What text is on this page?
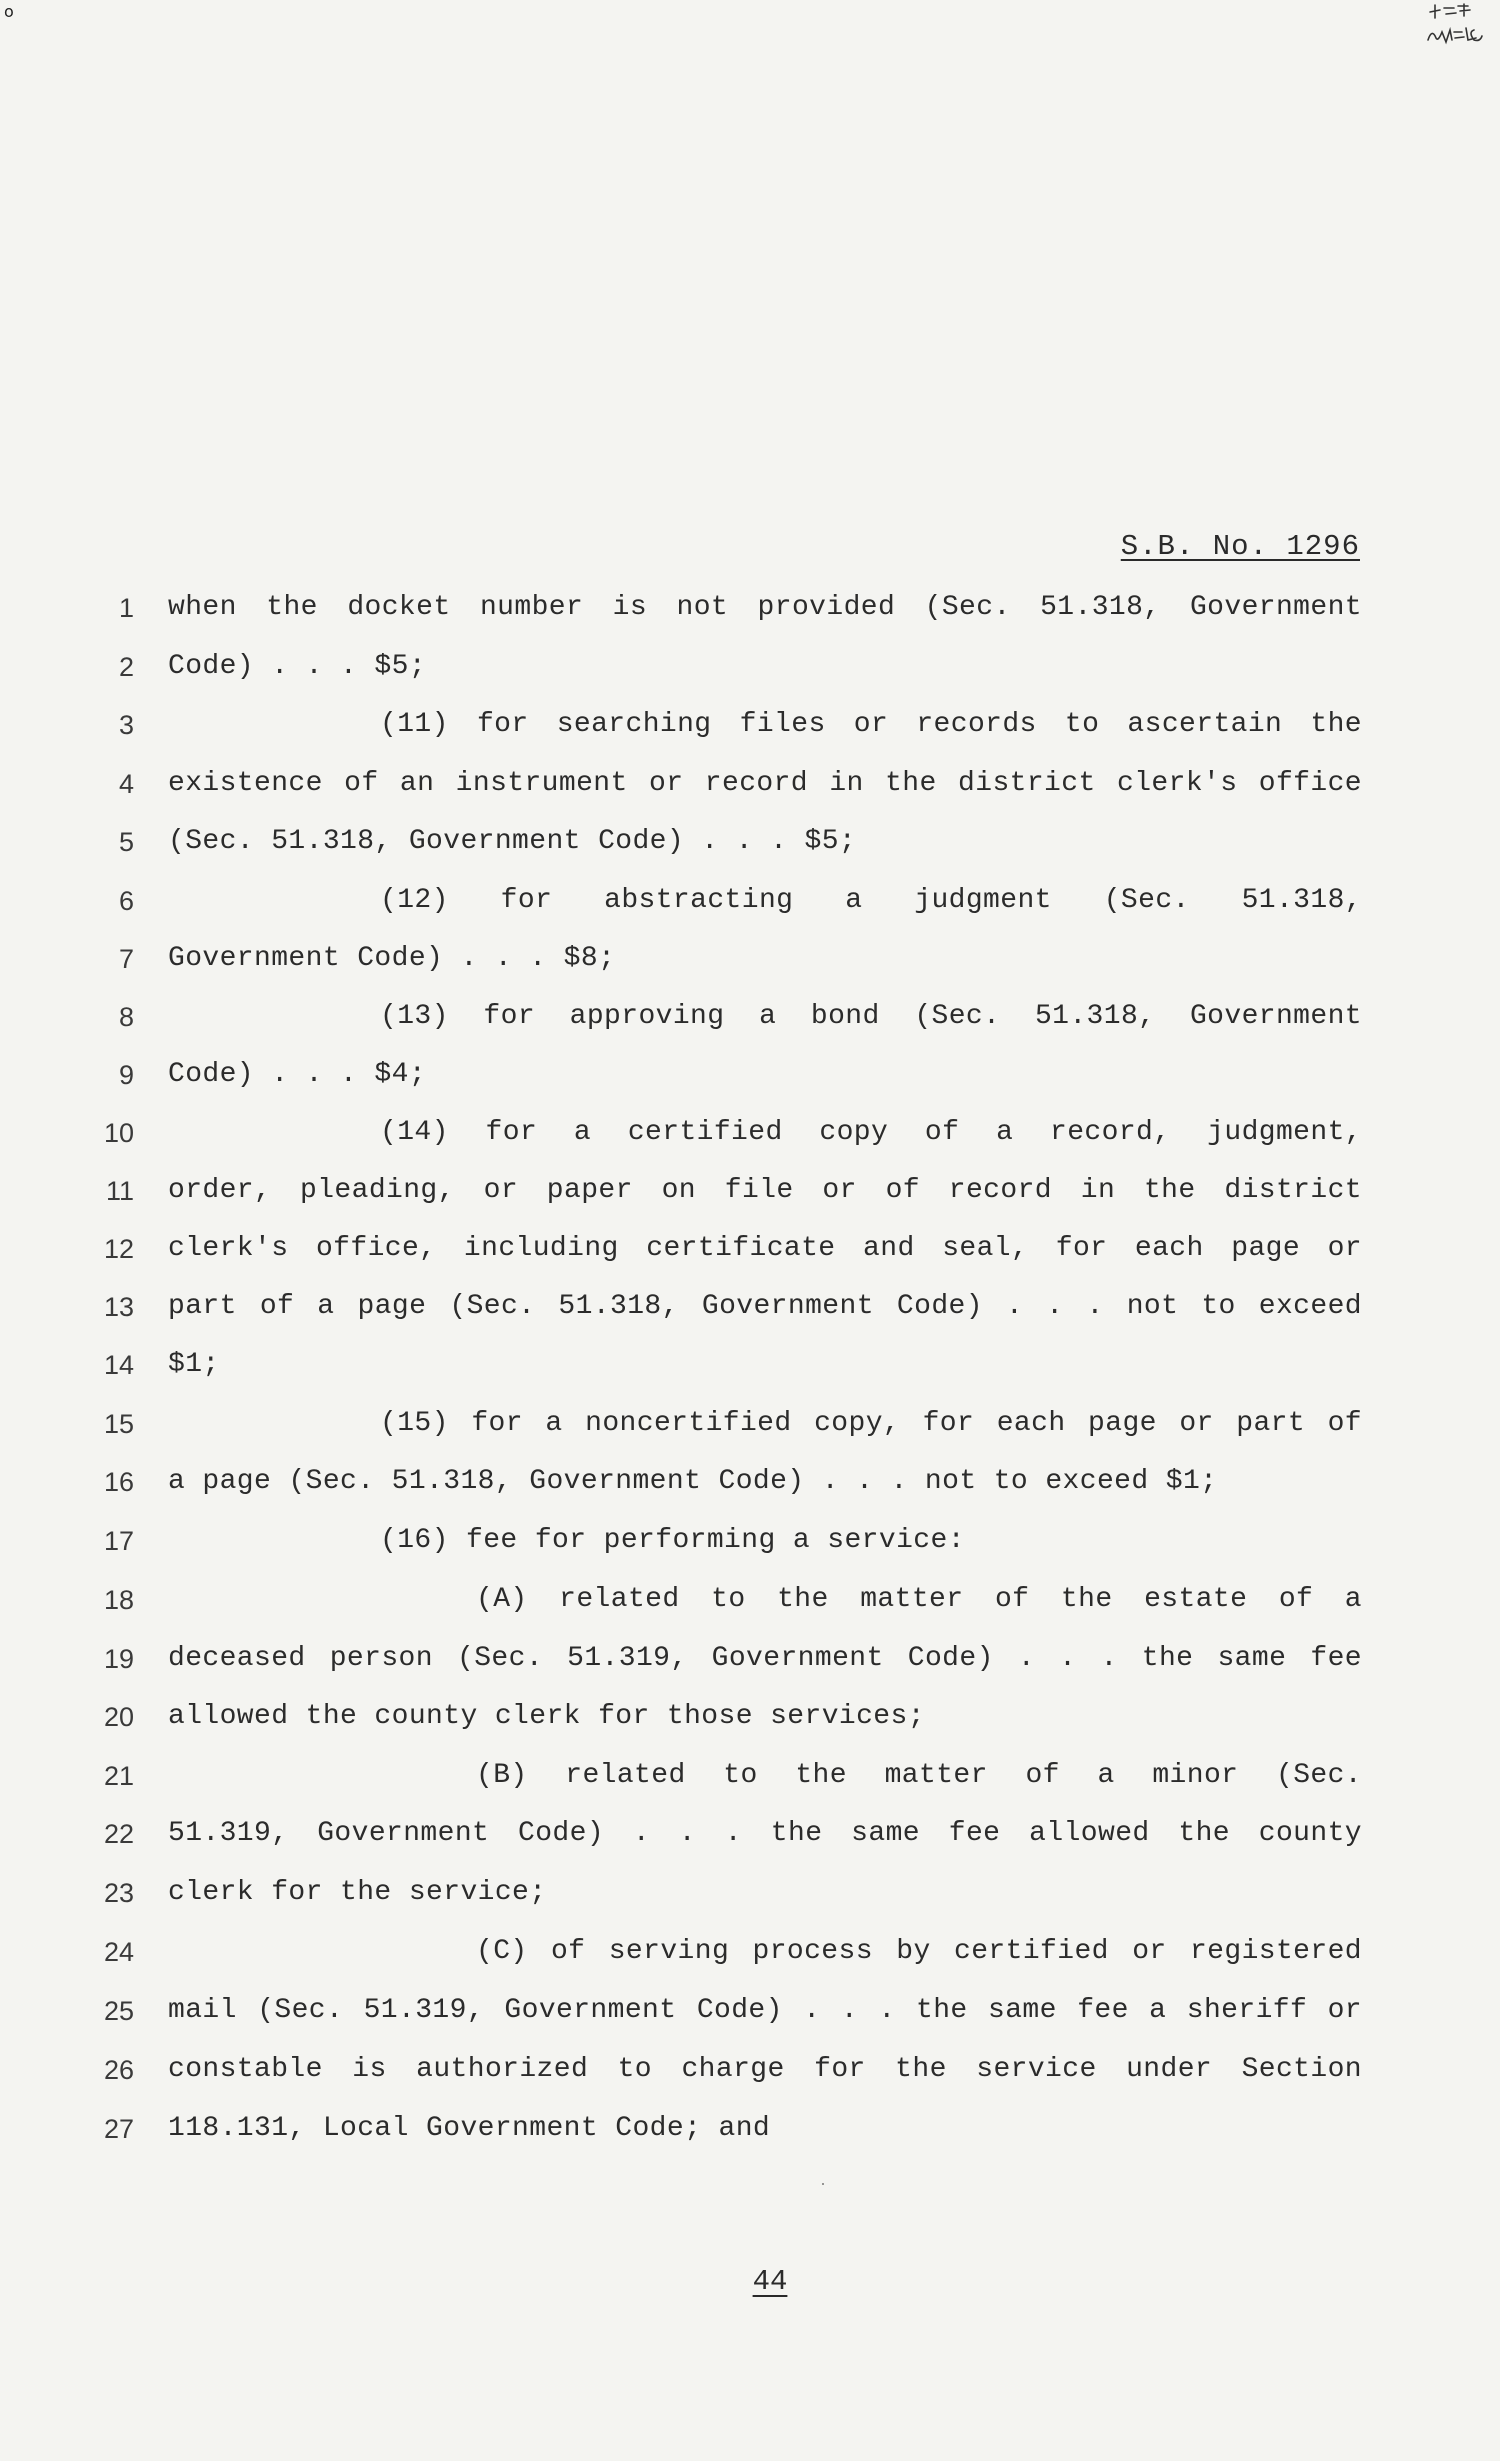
o
S.B. No. 1296
1 when the docket number is not provided (Sec. 51.318, Government
2 Code) . . . $5;
3	(11) for searching files or records to ascertain the
4 existence of an instrument or record in the district clerk's office
5 (Sec. 51.318, Government Code) . . . $5;
6	(12) for abstracting a judgment (Sec. 51.318,
7 Government Code) . . . $8;
8	(13) for approving a bond (Sec. 51.318, Government
9 Code) . . . $4;
10	(14) for a certified copy of a record, judgment,
11 order, pleading, or paper on file or of record in the district
12 clerk's office, including certificate and seal, for each page or
13 part of a page (Sec. 51.318, Government Code) . . . not to exceed
14 $1;
15	(15) for a noncertified copy, for each page or part of
16 a page (Sec. 51.318, Government Code) . . . not to exceed $1;
17	(16) fee for performing a service:
18	(A) related to the matter of the estate of a
19 deceased person (Sec. 51.319, Government Code) . . . the same fee
20 allowed the county clerk for those services;
21	(B) related to the matter of a minor (Sec.
22 51.319, Government Code) . . . the same fee allowed the county
23 clerk for the service;
24	(C) of serving process by certified or registered
25 mail (Sec. 51.319, Government Code) . . . the same fee a sheriff or
26 constable is authorized to charge for the service under Section
27 118.131, Local Government Code; and
44
